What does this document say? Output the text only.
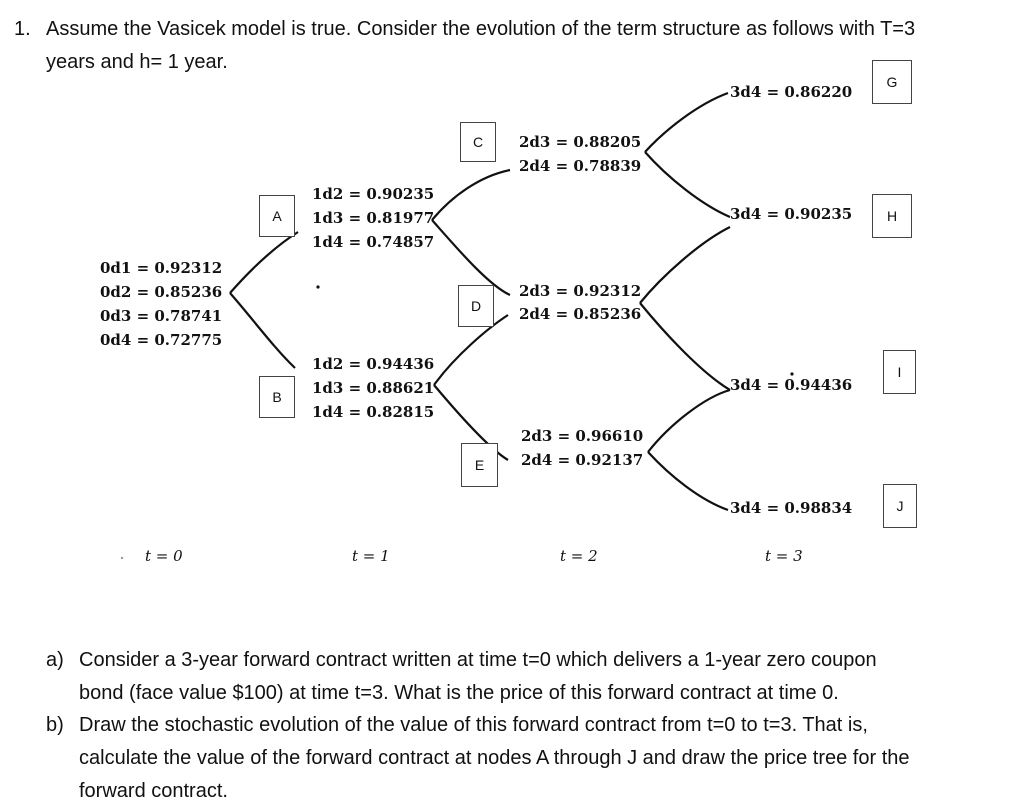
1. Assume the Vasicek model is true. Consider the evolution of the term structure as follows with T=3
years and h= 1 year.
0d1 = 0.92312
0d2 = 0.85236
0d3 = 0.78741
0d4 = 0.72775
A
1d2 = 0.90235
1d3 = 0.81977
1d4 = 0.74857
B
1d2 = 0.94436
1d3 = 0.88621
1d4 = 0.82815
C	2d3 = 0.88205
2d4 = 0.78839
D
2d3 = 0.92312
2d4 = 0.85236
E
2d3 = 0.96610
2d4 = 0.92137
3d4 = 0.86220
G
3d4 = 0.90235	H
3d4 = 0.94436
I
3d4 = 0.98834	J
t = 0	t = 1	t = 2	t = 3
a) Consider a 3-year forward contract written at time t=0 which delivers a 1-year zero coupon
bond (face value $100) at time t=3. What is the price of this forward contract at time 0.
b) Draw the stochastic evolution of the value of this forward contract from t=0 to t=3. That is,
calculate the value of the forward contract at nodes A through J and draw the price tree for the
forward contract.
